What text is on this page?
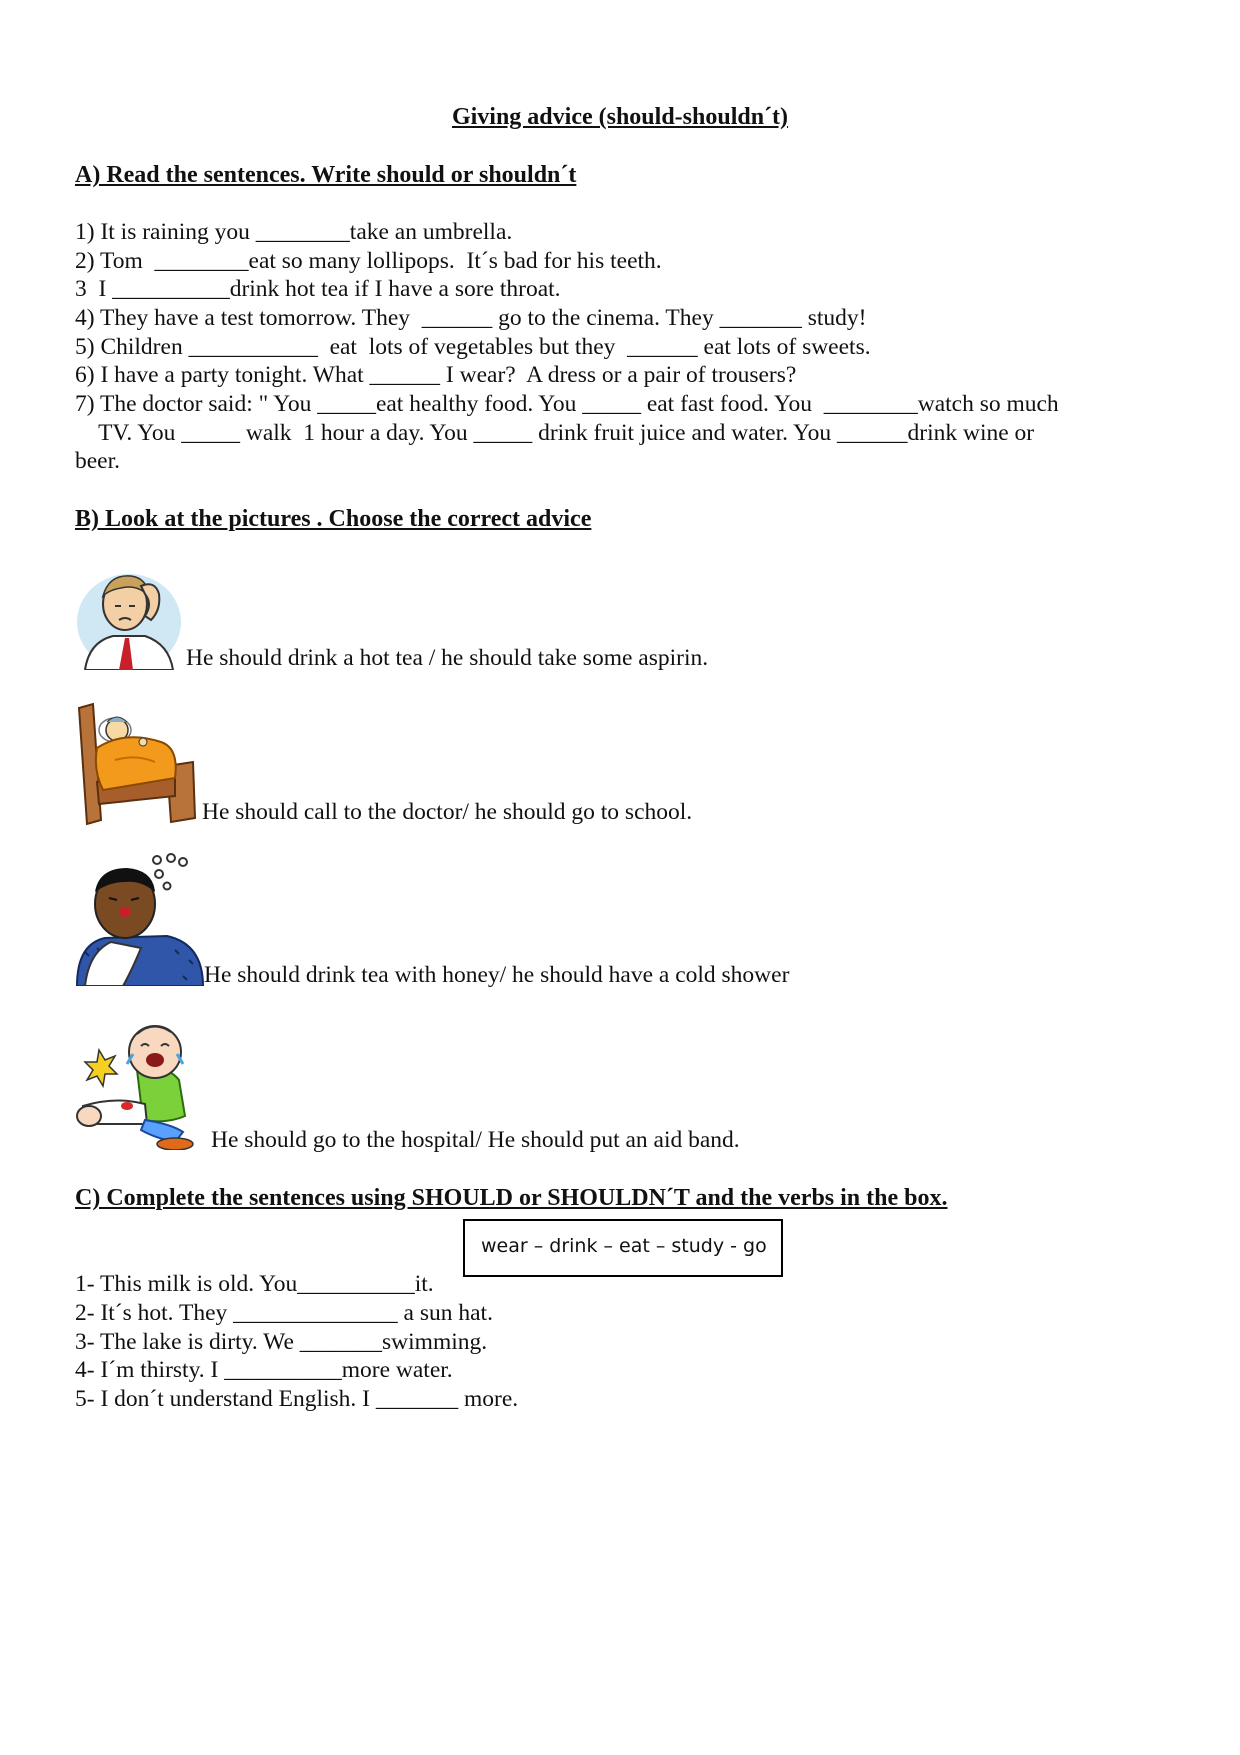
Giving advice (should-shouldn´t)
A) Read the sentences. Write should or shouldn´t
1) It is raining you ________take an umbrella.
2) Tom  ________eat so many lollipops.  It´s bad for his teeth.
3  I __________drink hot tea if I have a sore throat.
4) They have a test tomorrow. They  ______ go to the cinema. They _______ study!
5) Children ___________  eat  lots of vegetables but they  ______ eat lots of sweets.
6) I have a party tonight. What ______ I wear?  A dress or a pair of trousers?
7) The doctor said: " You _____eat healthy food. You _____ eat fast food. You  ________watch so much
TV. You _____ walk  1 hour a day. You _____ drink fruit juice and water. You ______drink wine or
beer.
B) Look at the pictures . Choose the correct advice
He should drink a hot tea / he should take some aspirin.
He should call to the doctor/ he should go to school.
He should drink tea with honey/ he should have a cold shower
He should go to the hospital/ He should put an aid band.
C) Complete the sentences using SHOULD or SHOULDN´T and the verbs in the box.
wear – drink – eat – study - go
1- This milk is old. You__________it.
2- It´s hot. They ______________ a sun hat.
3- The lake is dirty. We _______swimming.
4- I´m thirsty. I __________more water.
5- I don´t understand English. I _______ more.
